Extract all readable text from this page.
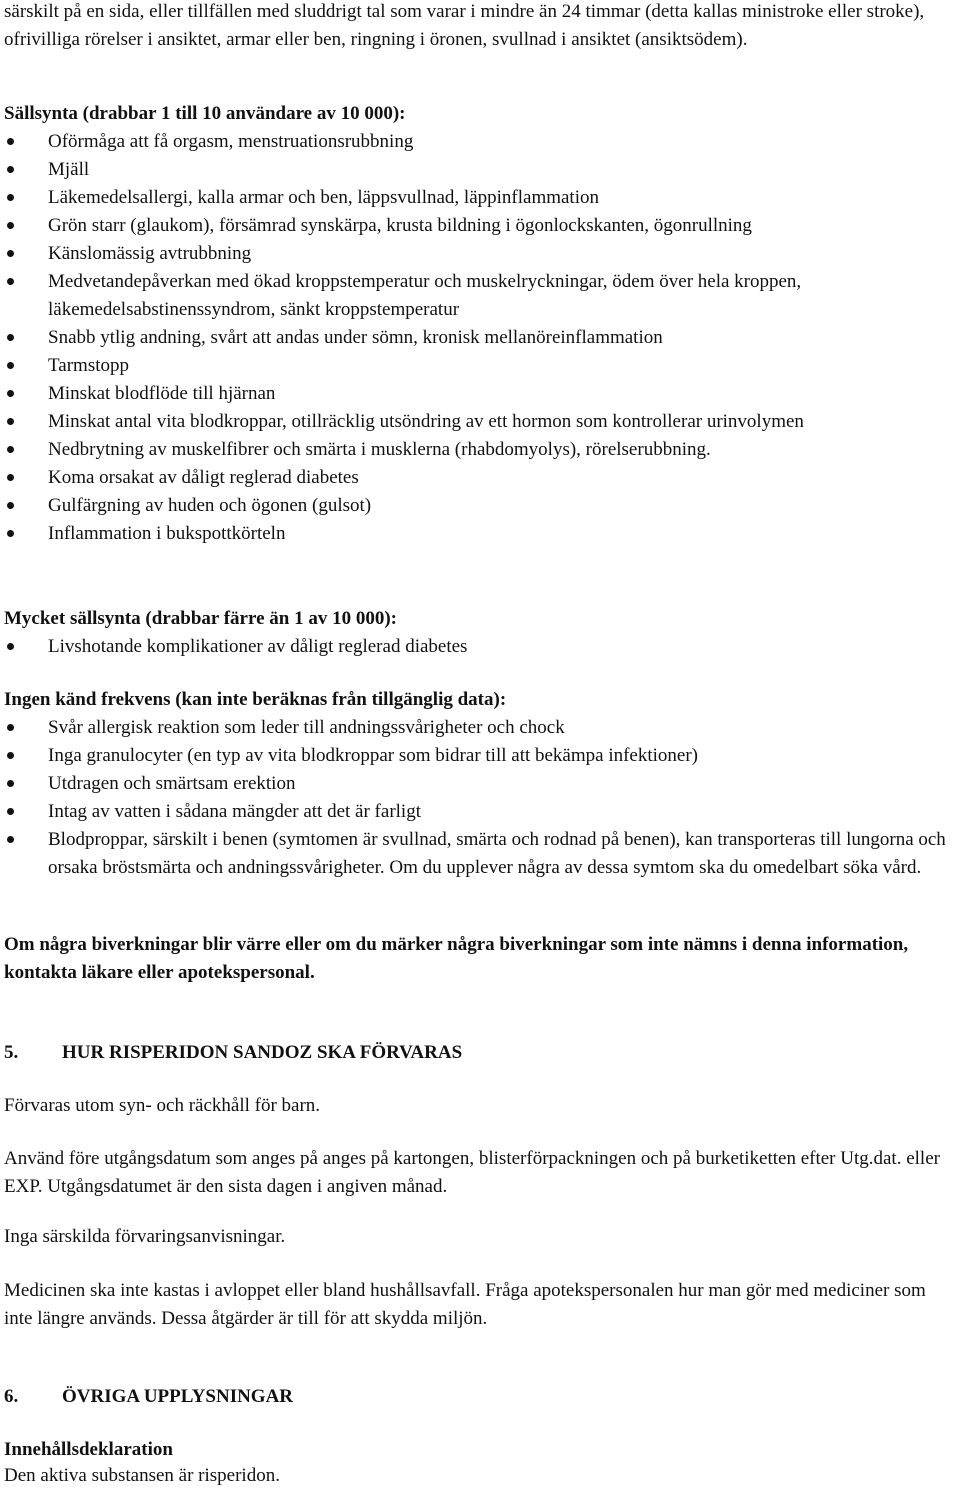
särskilt på en sida, eller tillfällen med sluddrigt tal som varar i mindre än 24 timmar (detta kallas ministroke eller stroke), ofrivilliga rörelser i ansiktet, armar eller ben, ringning i öronen, svullnad i ansiktet (ansiktsödem).

Sällsynta (drabbar 1 till 10 användare av 10 000):

Oförmåga att få orgasm, menstruationsrubbning
Mjäll
Läkemedelsallergi, kalla armar och ben, läppsvullnad, läppinflammation
Grön starr (glaukom), försämrad synskärpa, krusta bildning i ögonlockskanten, ögonrullning
Känslomässig avtrubbning
Medvetandepåverkan med ökad kroppstemperatur och muskelryckningar, ödem över hela kroppen, läkemedelsabstinenssyndrom, sänkt kroppstemperatur
Snabb ytlig andning, svårt att andas under sömn, kronisk mellanöreinflammation
Tarmstopp
Minskat blodflöde till hjärnan
Minskat antal vita blodkroppar, otillräcklig utsöndring av ett hormon som kontrollerar urinvolymen
Nedbrytning av muskelfibrer och smärta i musklerna (rhabdomyolys), rörelserubbning.
Koma orsakat av dåligt reglerad diabetes
Gulfärgning av huden och ögonen (gulsot)
Inflammation i bukspottkörteln

Mycket sällsynta (drabbar färre än 1 av 10 000):

Livshotande komplikationer av dåligt reglerad diabetes

Ingen känd frekvens (kan inte beräknas från tillgänglig data):

Svår allergisk reaktion som leder till andningssvårigheter och chock
Inga granulocyter (en typ av vita blodkroppar som bidrar till att bekämpa infektioner)
Utdragen och smärtsam erektion
Intag av vatten i sådana mängder att det är farligt
Blodproppar, särskilt i benen (symtomen är svullnad, smärta och rodnad på benen), kan transporteras till lungorna och orsaka bröstsmärta och andningssvårigheter. Om du upplever några av dessa symtom ska du omedelbart söka vård.

Om några biverkningar blir värre eller om du märker några biverkningar som inte nämns i denna information, kontakta läkare eller apotekspersonal.

5.	HUR RISPERIDON SANDOZ SKA FÖRVARAS

Förvaras utom syn- och räckhåll för barn.

Använd före utgångsdatum som anges på anges på kartongen, blisterförpackningen och på burketiketten efter Utg.dat. eller EXP. Utgångsdatumet är den sista dagen i angiven månad.

Inga särskilda förvaringsanvisningar.

Medicinen ska inte kastas i avloppet eller bland hushållsavfall. Fråga apotekspersonalen hur man gör med mediciner som inte längre används. Dessa åtgärder är till för att skydda miljön.

6.	ÖVRIGA UPPLYSNINGAR

Innehållsdeklaration

Den aktiva substansen är risperidon.
